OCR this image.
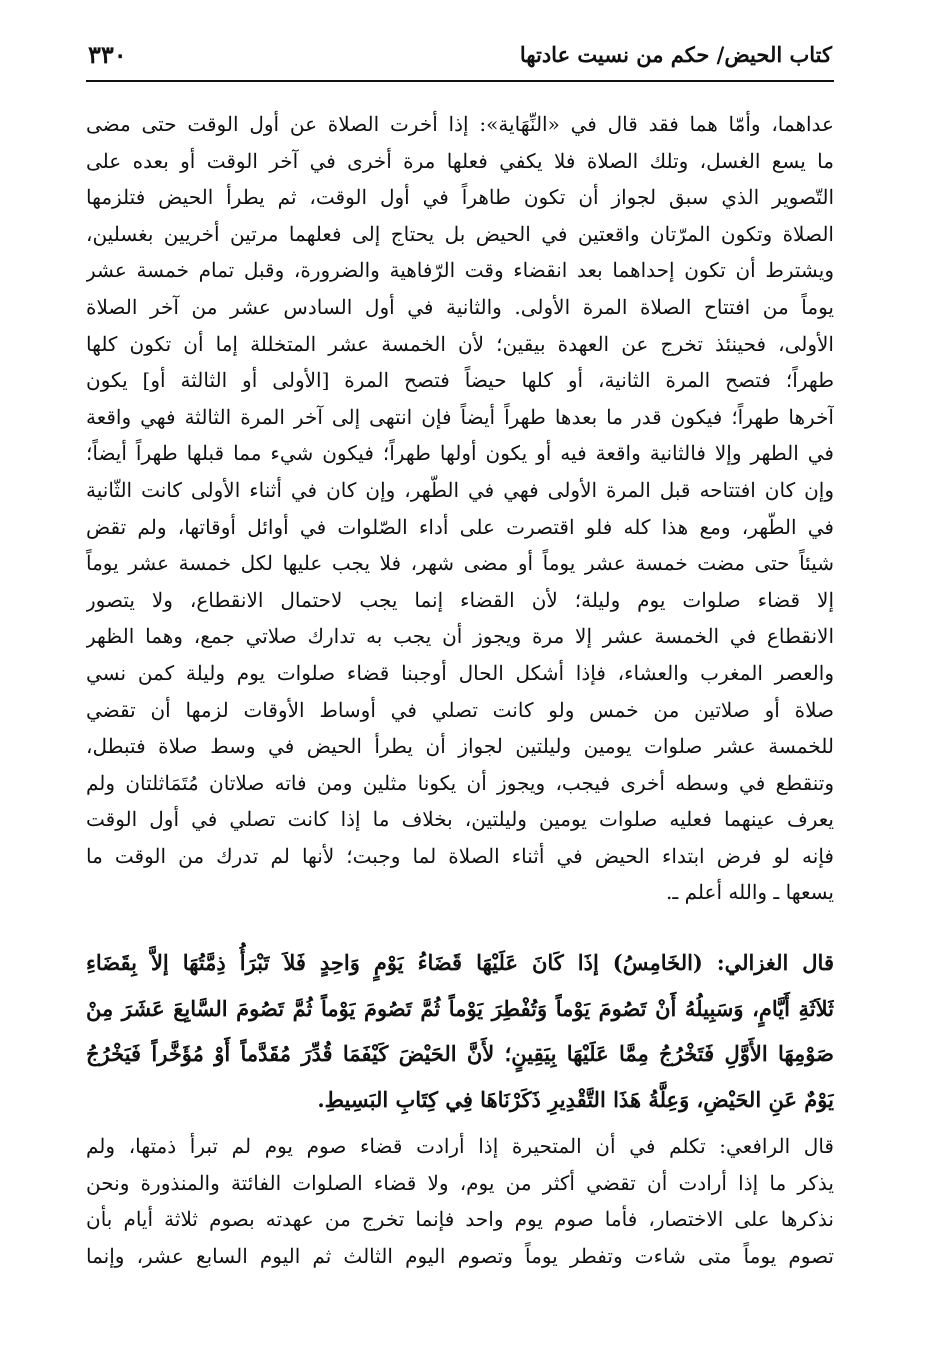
كتاب الحيض/ حكم من نسيت عادتها
٣٣٠
عداهما، وأمّا هما فقد قال في «النِّهَاية»: إذا أخرت الصلاة عن أول الوقت حتى مضى
ما يسع الغسل، وتلك الصلاة فلا يكفي فعلها مرة أخرى في آخر الوقت أو بعده على
التّصوير الذي سبق لجواز أن تكون طاهراً في أول الوقت، ثم يطرأ الحيض فتلزمها
الصلاة وتكون المرّتان واقعتين في الحيض بل يحتاج إلى فعلهما مرتين أخريين بغسلين،
ويشترط أن تكون إحداهما بعد انقضاء وقت الرّفاهية والضرورة، وقبل تمام خمسة عشر
يوماً من افتتاح الصلاة المرة الأولى. والثانية في أول السادس عشر من آخر الصلاة
الأولى، فحينئذ تخرج عن العهدة بيقين؛ لأن الخمسة عشر المتخللة إما أن تكون كلها
طهراً؛ فتصح المرة الثانية، أو كلها حيضاً فتصح المرة [الأولى أو الثالثة أو] يكون
آخرها طهراً؛ فيكون قدر ما بعدها طهراً أيضاً فإن انتهى إلى آخر المرة الثالثة فهي واقعة
في الطهر وإلا فالثانية واقعة فيه أو يكون أولها طهراً؛ فيكون شيء مما قبلها طهراً أيضاً؛
وإن كان افتتاحه قبل المرة الأولى فهي في الطّهر، وإن كان في أثناء الأولى كانت الثّانية
في الطّهر، ومع هذا كله فلو اقتصرت على أداء الصّلوات في أوائل أوقاتها، ولم تقض
شيئاً حتى مضت خمسة عشر يوماً أو مضى شهر، فلا يجب عليها لكل خمسة عشر يوماً
إلا قضاء صلوات يوم وليلة؛ لأن القضاء إنما يجب لاحتمال الانقطاع، ولا يتصور
الانقطاع في الخمسة عشر إلا مرة ويجوز أن يجب به تدارك صلاتي جمع، وهما الظهر
والعصر المغرب والعشاء، فإذا أشكل الحال أوجبنا قضاء صلوات يوم وليلة كمن نسي
صلاة أو صلاتين من خمس ولو كانت تصلي في أوساط الأوقات لزمها أن تقضي
للخمسة عشر صلوات يومين وليلتين لجواز أن يطرأ الحيض في وسط صلاة فتبطل،
وتنقطع في وسطه أخرى فيجب، ويجوز أن يكونا مثلين ومن فاته صلاتان مُتَمَاثلتان ولم
يعرف عينهما فعليه صلوات يومين وليلتين، بخلاف ما إذا كانت تصلي في أول الوقت
فإنه لو فرض ابتداء الحيض في أثناء الصلاة لما وجبت؛ لأنها لم تدرك من الوقت ما
يسعها ـ والله أعلم ـ.
قال الغزالي: (الخَامِسُ) إذَا كَانَ عَلَيْهَا قَضَاءُ يَوْمٍ وَاحِدٍ فَلاَ تَبْرَأُ ذِمَّتُهَا إلاَّ بِقَضَاءِ
ثَلاَثَةِ أَيَّامٍ، وَسَبِيلُهُ أَنْ تَصُومَ يَوْماً وَتُفْطِرَ يَوْماً ثُمَّ تَصُومَ يَوْماً ثُمَّ تَصُومَ السَّابِعَ عَشَرَ مِنْ
صَوْمِهَا الأَوَّلِ فَتَخْرُجُ مِمَّا عَلَيْهَا بِيَقِينٍ؛ لأَنَّ الحَيْضَ كَيْفَمَا قُدِّرَ مُقَدَّماً أَوْ مُؤَخَّراً فَيَخْرُجُ
يَوْمٌ عَنِ الحَيْضِ، وَعِلَّةُ هَذَا التَّقْدِيرِ ذَكَرْنَاهَا فِي كِتَابِ البَسِيطِ.
قال الرافعي: تكلم في أن المتحيرة إذا أرادت قضاء صوم يوم لم تبرأ ذمتها، ولم
يذكر ما إذا أرادت أن تقضي أكثر من يوم، ولا قضاء الصلوات الفائتة والمنذورة ونحن
نذكرها على الاختصار، فأما صوم يوم واحد فإنما تخرج من عهدته بصوم ثلاثة أيام بأن
تصوم يوماً متى شاءت وتفطر يوماً وتصوم اليوم الثالث ثم اليوم السابع عشر، وإنما
